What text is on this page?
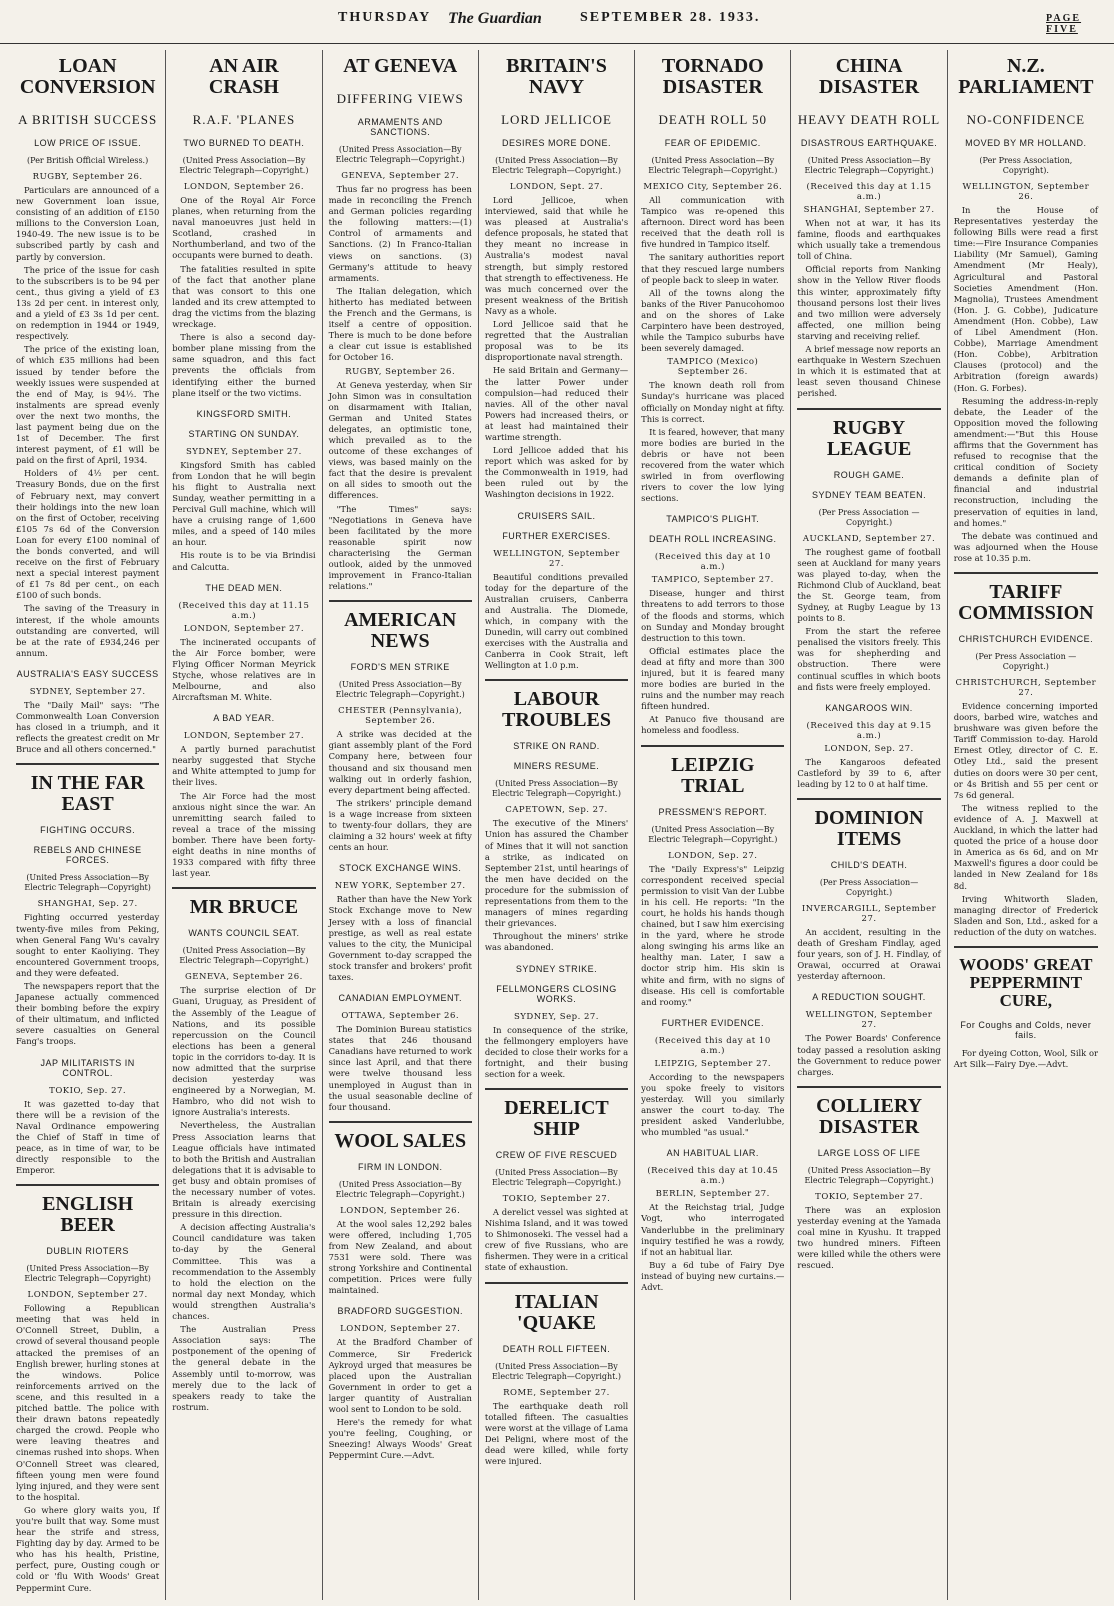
THURSDAY The Guardian	SEPTEMBER 28. 1933.	PAGE FIVE
LOAN CONVERSION
A BRITISH SUCCESS
LOW PRICE OF ISSUE.
(Per British Official Wireless.)
RUGBY, September 26.

Particulars are announced of a new Government loan issue, consisting of an addition of £150 millions to the Conversion Loan, 1940-49. The new issue is to be subscribed partly by cash and partly by conversion.

The price of the issue for cash to the subscribers is to be 94 per cent., thus giving a yield of £3 13s 2d per cent. in interest only, and a yield of £3 3s 1d per cent. on redemption in 1944 or 1949, respectively.

The price of the existing loan, of which £35 millions had been issued by tender before the weekly issues were suspended at the end of May, is 94½. The instalments are spread evenly over the next two months, the last payment being due on the 1st of December. The first interest payment, of £1 will be paid on the first of April, 1934.

Holders of 4½ per cent. Treasury Bonds, due on the first of February next, may convert their holdings into the new loan on the first of October, receiving £105 7s 6d of the Conversion Loan for every £100 nominal of the bonds converted, and will receive on the first of February next a special interest payment of £1 7s 8d per cent., on each £100 of such bonds.

The saving of the Treasury in interest, if the whole amounts outstanding are converted, will be at the rate of £934,246 per annum.

AUSTRALIA'S EASY SUCCESS
SYDNEY, September 27.

The "Daily Mail" says: "The Commonwealth Loan Conversion has closed in a triumph, and it reflects the greatest credit on Mr Bruce and all others concerned."

IN THE FAR EAST
FIGHTING OCCURS.
REBELS AND CHINESE FORCES.
(United Press Association—By Electric Telegraph—Copyright)
SHANGHAI, Sep. 27.

Fighting occurred yesterday twenty-five miles from Peking, when General Fang Wu's cavalry sought to enter Kaoliying. They encountered Government troops, and they were defeated.

The newspapers report that the Japanese actually commenced their bombing before the expiry of their ultimatum, and inflicted severe casualties on General Fang's troops.

JAP MILITARISTS IN CONTROL.
TOKIO, Sep. 27.

It was gazetted to-day that there will be a revision of the Naval Ordinance empowering the Chief of Staff in time of peace, as in time of war, to be directly responsible to the Emperor.

ENGLISH BEER
DUBLIN RIOTERS
(United Press Association—By Electric Telegraph—Copyright)
LONDON, September 27.

Following a Republican meeting that was held in O'Connell Street, Dublin, a crowd of several thousand people attacked the premises of an English brewer, hurling stones at the windows. Police reinforcements arrived on the scene, and this resulted in a pitched battle. The police with their drawn batons repeatedly charged the crowd. People who were leaving theatres and cinemas rushed into shops. When O'Connell Street was cleared, fifteen young men were found lying injured, and they were sent to the hospital.

Go where glory waits you, If you're built that way. Some must hear the strife and stress, Fighting day by day. Armed to be who has his health, Pristine, perfect, pure, Ousting cough or cold or 'flu With Woods' Great Peppermint Cure.

AN AIR CRASH
R.A.F. 'PLANES
TWO BURNED TO DEATH.
(United Press Association—By Electric Telegraph—Copyright.)
LONDON, September 26.

One of the Royal Air Force planes, when returning from the naval manoeuvres just held in Scotland, crashed in Northumberland, and two of the occupants were burned to death.

The fatalities resulted in spite of the fact that another plane that was consort to this one landed and its crew attempted to drag the victims from the blazing wreckage.

There is also a second day-bomber plane missing from the same squadron, and this fact prevents the officials from identifying either the burned plane itself or the two victims.

KINGSFORD SMITH.
STARTING ON SUNDAY.
SYDNEY, September 27.

Kingsford Smith has cabled from London that he will begin his flight to Australia next Sunday, weather permitting in a Percival Gull machine, which will have a cruising range of 1,600 miles, and a speed of 140 miles an hour.

His route is to be via Brindisi and Calcutta.

THE DEAD MEN.
(Received this day at 11.15 a.m.)
LONDON, September 27.

The incinerated occupants of the Air Force bomber, were Flying Officer Norman Meyrick Styche, whose relatives are in Melbourne, and also Aircraftsman M. White.

A BAD YEAR.
LONDON, September 27.

A partly burned parachutist nearby suggested that Styche and White attempted to jump for their lives.

The Air Force had the most anxious night since the war. An unremitting search failed to reveal a trace of the missing bomber. There have been forty-eight deaths in nine months of 1933 compared with fifty three last year.

MR BRUCE
WANTS COUNCIL SEAT.
(United Press Association—By Electric Telegraph—Copyright.)
GENEVA, September 26.

The surprise election of Dr Guani, Uruguay, as President of the Assembly of the League of Nations, and its possible repercussion on the Council elections has been a general topic in the corridors to-day. It is now admitted that the surprise decision yesterday was engineered by a Norwegian, M. Hambro, who did not wish to ignore Australia's interests.

Nevertheless, the Australian Press Association learns that League officials have intimated to both the British and Australian delegations that it is advisable to get busy and obtain promises of the necessary number of votes. Britain is already exercising pressure in this direction.

A decision affecting Australia's Council candidature was taken to-day by the General Committee. This was a recommendation to the Assembly to hold the election on the normal day next Monday, which would strengthen Australia's chances.

The Australian Press Association says: The postponement of the opening of the general debate in the Assembly until to-morrow, was merely due to the lack of speakers ready to take the rostrum.

AT GENEVA
DIFFERING VIEWS
ARMAMENTS AND SANCTIONS.
(United Press Association—By Electric Telegraph—Copyright.)
GENEVA, September 27.

Thus far no progress has been made in reconciling the French and German policies regarding the following matters:—(1) Control of armaments and Sanctions. (2) In Franco-Italian views on sanctions. (3) Germany's attitude to heavy armaments.

The Italian delegation, which hitherto has mediated between the French and the Germans, is itself a centre of opposition. There is much to be done before a clear cut issue is established for October 16.

RUGBY, September 26.

At Geneva yesterday, when Sir John Simon was in consultation on disarmament with Italian, German and United States delegates, an optimistic tone, which prevailed as to the outcome of these exchanges of views, was based mainly on the fact that the desire is prevalent on all sides to smooth out the differences.

"The Times" says: "Negotiations in Geneva have been facilitated by the more reasonable spirit now characterising the German outlook, aided by the unmoved improvement in Franco-Italian relations."

AMERICAN NEWS
FORD'S MEN STRIKE
(United Press Association—By Electric Telegraph—Copyright.)
CHESTER (Pennsylvania), September 26.

A strike was decided at the giant assembly plant of the Ford Company here, between four thousand and six thousand men walking out in orderly fashion, every department being affected.

The strikers' principle demand is a wage increase from sixteen to twenty-four dollars, they are claiming a 32 hours' week at fifty cents an hour.

STOCK EXCHANGE WINS.
NEW YORK, September 27.

Rather than have the New York Stock Exchange move to New Jersey with a loss of financial prestige, as well as real estate values to the city, the Municipal Government to-day scrapped the stock transfer and brokers' profit taxes.

CANADIAN EMPLOYMENT.
OTTAWA, September 26.

The Dominion Bureau statistics states that 246 thousand Canadians have returned to work since last April, and that there were twelve thousand less unemployed in August than in the usual seasonable decline of four thousand.

WOOL SALES
FIRM IN LONDON.
(United Press Association—By Electric Telegraph—Copyright.)
LONDON, September 26.

At the wool sales 12,292 bales were offered, including 1,705 from New Zealand, and about 7531 were sold. There was strong Yorkshire and Continental competition. Prices were fully maintained.

BRADFORD SUGGESTION.
LONDON, September 27.

At the Bradford Chamber of Commerce, Sir Frederick Aykroyd urged that measures be placed upon the Australian Government in order to get a larger quantity of Australian wool sent to London to be sold.

Here's the remedy for what you're feeling, Coughing, or Sneezing! Always Woods' Great Peppermint Cure.—Advt.

BRITAIN'S NAVY
LORD JELLICOE
DESIRES MORE DONE.
(United Press Association—By Electric Telegraph—Copyright.)
LONDON, Sept. 27.

Lord Jellicoe, when interviewed, said that while he was pleased at Australia's defence proposals, he stated that they meant no increase in Australia's modest naval strength, but simply restored that strength to effectiveness. He was much concerned over the present weakness of the British Navy as a whole.

Lord Jellicoe said that he regretted that the Australian proposal was to be its disproportionate naval strength.

He said Britain and Germany—the latter Power under compulsion—had reduced their navies. All of the other naval Powers had increased theirs, or at least had maintained their wartime strength.

Lord Jellicoe added that his report which was asked for by the Commonwealth in 1919, had been ruled out by the Washington decisions in 1922.

CRUISERS SAIL.
FURTHER EXERCISES.
WELLINGTON, September 27.

Beautiful conditions prevailed today for the departure of the Australian cruisers, Canberra and Australia. The Diomede, which, in company with the Dunedin, will carry out combined exercises with the Australia and Canberra in Cook Strait, left Wellington at 1.0 p.m.

LABOUR TROUBLES
STRIKE ON RAND.
MINERS RESUME.
(United Press Association—By Electric Telegraph—Copyright.)
CAPETOWN, Sep. 27.

The executive of the Miners' Union has assured the Chamber of Mines that it will not sanction a strike, as indicated on September 21st, until hearings of the men have decided on the procedure for the submission of representations from them to the managers of mines regarding their grievances.

Throughout the miners' strike was abandoned.

SYDNEY STRIKE.
FELLMONGERS CLOSING WORKS.
SYDNEY, Sep. 27.

In consequence of the strike, the fellmongery employers have decided to close their works for a fortnight, and their busing section for a week.

DERELICT SHIP
CREW OF FIVE RESCUED
(United Press Association—By Electric Telegraph—Copyright.)
TOKIO, September 27.

A derelict vessel was sighted at Nishima Island, and it was towed to Shimonoseki. The vessel had a crew of five Russians, who are fishermen. They were in a critical state of exhaustion.

ITALIAN 'QUAKE
DEATH ROLL FIFTEEN.
(United Press Association—By Electric Telegraph—Copyright.)
ROME, September 27.

The earthquake death roll totalled fifteen. The casualties were worst at the village of Lama Dei Peligni, where most of the dead were killed, while forty were injured.

TORNADO DISASTER
DEATH ROLL 50
FEAR OF EPIDEMIC.
(United Press Association—By Electric Telegraph—Copyright.)
MEXICO City, September 26.

All communication with Tampico was re-opened this afternoon. Direct word has been received that the death roll is five hundred in Tampico itself.

The sanitary authorities report that they rescued large numbers of people back to sleep in water.

All of the towns along the banks of the River Panucohomoo and on the shores of Lake Carpintero have been destroyed, while the Tampico suburbs have been severely damaged.

TAMPICO (Mexico) September 26.

The known death roll from Sunday's hurricane was placed officially on Monday night at fifty. This is correct.

It is feared, however, that many more bodies are buried in the debris or have not been recovered from the water which swirled in from overflowing rivers to cover the low lying sections.

TAMPICO'S PLIGHT.
DEATH ROLL INCREASING.
(Received this day at 10 a.m.)
TAMPICO, September 27.

Disease, hunger and thirst threatens to add terrors to those of the floods and storms, which on Sunday and Monday brought destruction to this town.

Official estimates place the dead at fifty and more than 300 injured, but it is feared many more bodies are buried in the ruins and the number may reach fifteen hundred.

At Panuco five thousand are homeless and foodless.

LEIPZIG TRIAL
PRESSMEN'S REPORT.
(United Press Association—By Electric Telegraph—Copyright.)
LONDON, Sep. 27.

The "Daily Express's" Leipzig correspondent received special permission to visit Van der Lubbe in his cell. He reports: "In the court, he holds his hands though chained, but I saw him exercising in the yard, where he strode along swinging his arms like an healthy man. Later, I saw a doctor strip him. His skin is white and firm, with no signs of disease. His cell is comfortable and roomy."

FURTHER EVIDENCE.
(Received this day at 10 a.m.)
LEIPZIG, September 27.

According to the newspapers you spoke freely to visitors yesterday. Will you similarly answer the court to-day. The president asked Vanderlubbe, who mumbled "as usual."

AN HABITUAL LIAR.
(Received this day at 10.45 a.m.)
BERLIN, September 27.

At the Reichstag trial, Judge Vogt, who interrogated Vanderlubbe in the preliminary inquiry testified he was a rowdy, if not an habitual liar.

Buy a 6d tube of Fairy Dye instead of buying new curtains.—Advt.

CHINA DISASTER
HEAVY DEATH ROLL
DISASTROUS EARTHQUAKE.
(United Press Association—By Electric Telegraph—Copyright.)
(Received this day at 1.15 a.m.)
SHANGHAI, September 27.

When not at war, it has its famine, floods and earthquakes which usually take a tremendous toll of China.

Official reports from Nanking show in the Yellow River floods this winter, approximately fifty thousand persons lost their lives and two million were adversely affected, one million being starving and receiving relief.

A brief message now reports an earthquake in Western Szechuen in which it is estimated that at least seven thousand Chinese perished.

RUGBY LEAGUE
ROUGH GAME.
SYDNEY TEAM BEATEN.
(Per Press Association — Copyright.)
AUCKLAND, September 27.

The roughest game of football seen at Auckland for many years was played to-day, when the Richmond Club of Auckland, beat the St. George team, from Sydney, at Rugby League by 13 points to 8.

From the start the referee penalised the visitors freely. This was for shepherding and obstruction. There were continual scuffles in which boots and fists were freely employed.

KANGAROOS WIN.
(Received this day at 9.15 a.m.)
LONDON, Sep. 27.

The Kangaroos defeated Castleford by 39 to 6, after leading by 12 to 0 at half time.

DOMINION ITEMS
CHILD'S DEATH.
(Per Press Association—Copyright.)
INVERCARGILL, September 27.

An accident, resulting in the death of Gresham Findlay, aged four years, son of J. H. Findlay, of Orawai, occurred at Orawai yesterday afternoon.

A REDUCTION SOUGHT.
WELLINGTON, September 27.

The Power Boards' Conference today passed a resolution asking the Government to reduce power charges.

COLLIERY DISASTER
LARGE LOSS OF LIFE
(United Press Association—By Electric Telegraph—Copyright.)
TOKIO, September 27.

There was an explosion yesterday evening at the Yamada coal mine in Kyushu. It trapped two hundred miners. Fifteen were killed while the others were rescued.

N.Z. PARLIAMENT
NO-CONFIDENCE
MOVED BY MR HOLLAND.
(Per Press Association, Copyright).
WELLINGTON, September 26.

In the House of Representatives yesterday the following Bills were read a first time:—Fire Insurance Companies Liability (Mr Samuel), Gaming Amendment (Mr Healy), Agricultural and Pastoral Societies Amendment (Hon. Magnolia), Trustees Amendment (Hon. J. G. Cobbe), Judicature Amendment (Hon. Cobbe), Law of Libel Amendment (Hon. Cobbe), Marriage Amendment (Hon. Cobbe), Arbitration Clauses (protocol) and the Arbitration (foreign awards) (Hon. G. Forbes).

Resuming the address-in-reply debate, the Leader of the Opposition moved the following amendment:—"But this House affirms that the Government has refused to recognise that the critical condition of Society demands a definite plan of financial and industrial reconstruction, including the preservation of equities in land, and homes."

The debate was continued and was adjourned when the House rose at 10.35 p.m.

TARIFF COMMISSION
CHRISTCHURCH EVIDENCE.
(Per Press Association — Copyright.)
CHRISTCHURCH, September 27.

Evidence concerning imported doors, barbed wire, watches and brushware was given before the Tariff Commission to-day. Harold Ernest Otley, director of C. E. Otley Ltd., said the present duties on doors were 30 per cent, or 4s British and 55 per cent or 7s 6d general.

The witness replied to the evidence of A. J. Maxwell at Auckland, in which the latter had quoted the price of a house door in America as 6s 6d, and on Mr Maxwell's figures a door could be landed in New Zealand for 18s 8d.

Irving Whitworth Sladen, managing director of Frederick Sladen and Son, Ltd., asked for a reduction of the duty on watches.

WOODS' GREAT PEPPERMINT CURE,
For Coughs and Colds, never fails.

For dyeing Cotton, Wool, Silk or Art Silk—Fairy Dye.—Advt.
